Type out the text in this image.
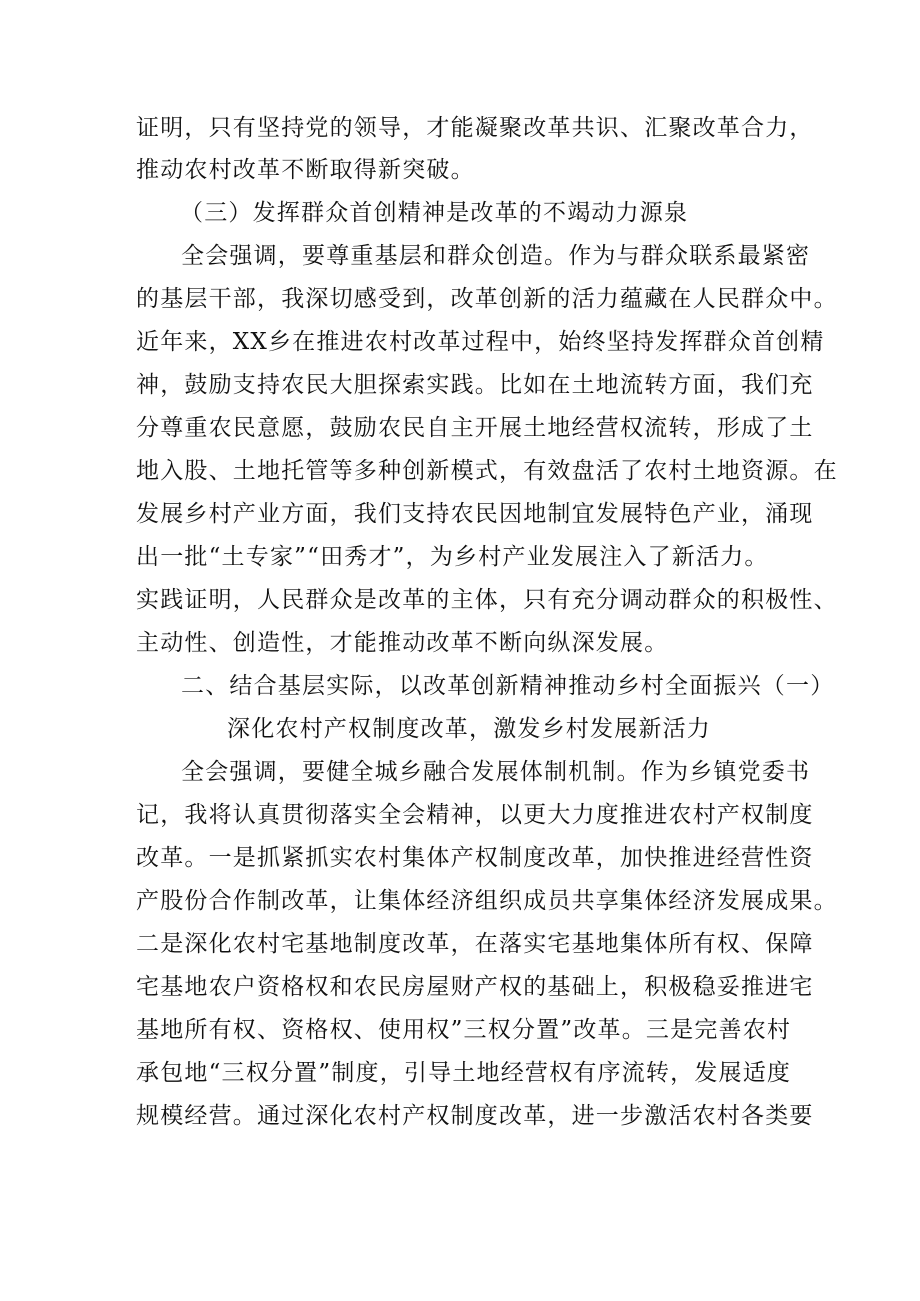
证明，只有坚持党的领导，才能凝聚改革共识、汇聚改革合力，
推动农村改革不断取得新突破。
（三）发挥群众首创精神是改革的不竭动力源泉
全会强调，要尊重基层和群众创造。作为与群众联系最紧密
的基层干部，我深切感受到，改革创新的活力蕴藏在人民群众中。
近年来，XX乡在推进农村改革过程中，始终坚持发挥群众首创精
神，鼓励支持农民大胆探索实践。比如在土地流转方面，我们充
分尊重农民意愿，鼓励农民自主开展土地经营权流转，形成了土
地入股、土地托管等多种创新模式，有效盘活了农村土地资源。在
发展乡村产业方面，我们支持农民因地制宜发展特色产业，涌现
出一批“土专家”“田秀才”，为乡村产业发展注入了新活力。
实践证明，人民群众是改革的主体，只有充分调动群众的积极性、
主动性、创造性，才能推动改革不断向纵深发展。
二、结合基层实际，以改革创新精神推动乡村全面振兴（一）
深化农村产权制度改革，激发乡村发展新活力
全会强调，要健全城乡融合发展体制机制。作为乡镇党委书
记，我将认真贯彻落实全会精神，以更大力度推进农村产权制度
改革。一是抓紧抓实农村集体产权制度改革，加快推进经营性资
产股份合作制改革，让集体经济组织成员共享集体经济发展成果。
二是深化农村宅基地制度改革，在落实宅基地集体所有权、保障
宅基地农户资格权和农民房屋财产权的基础上，积极稳妥推进宅
基地所有权、资格权、使用权”三权分置”改革。三是完善农村
承包地“三权分置”制度，引导土地经营权有序流转，发展适度
规模经营。通过深化农村产权制度改革，进一步激活农村各类要
